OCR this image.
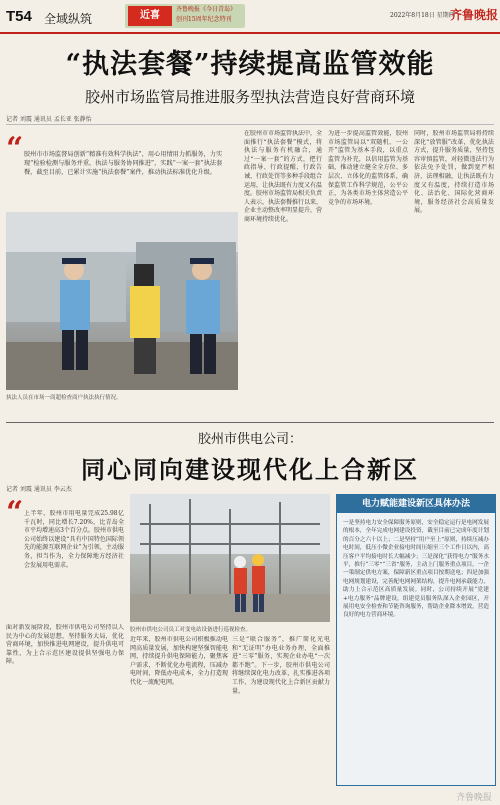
T54 全域纵筑	近喜
齐鲁晚报《今日青岛》
创刊15周年纪念特刊
2022年8月18日 星期四
齐鲁晚报
“执法套餐”持续提高监管效能
胶州市场监管局推进服务型执法营造良好营商环境
记者 刘震 通讯员 孟长亚 张静怡
“ 胶州市市场监督局创新“精准有效科学执法”，用心用情用力抓服务，力实现“检验检测与服务并重，执法与服务协同推进”，实践“一案一套”执法套餐，截至目前，已累计实施“执法套餐”案件，推动执法标准优化升级。
执法人员在市场一商超检查商户执法执行情况。
在胶州市市场监管执法中，全面推行“执法套餐”模式，将执法与服务有机融合，通过“一案一套”的方式，把行政指导、行政提醒、行政告诫、行政处罚等多种手段组合运用，让执法既有力度又有温度。胶州市场监管局相关负责人表示，执法套餐推行以来，企业主动整改率明显提升，营商环境持续优化。
为进一步提高监管效能，胶州市场监管局以“双随机、一公开”监管为基本手段，以重点监管为补充，以信用监管为基础，推动建立健全全方位、多层次、立体化的监管体系，确保监管工作科学规范，公平公正，为各类市场主体营造公平竞争的市场环境。
同时，胶州市场监管局将持续深化“放管服”改革，优化执法方式，提升服务质量，坚持包容审慎监管，对轻微违法行为依法免予处罚，做到宽严相济、法理相融，让执法既有力度又有温度，持续打造市场化、法治化、国际化营商环境，服务经济社会高质量发展。
胶州市供电公司：
同心同向建设现代化上合新区
记者 刘震 通讯员 李云杰
“ 上半年，胶州市用电量完成25.98亿千瓦时，同比增长7.20%，比青岛全市平均增速高3个百分点。胶州市供电公司始终以建设“具有中国特色国际领先的能源互联网企业”为引领，主动服务，担当作为，全力保障地方经济社会发展用电需求。
胶州市供电公司员工对变电站设备进行巡视检查。
面对新发展阶段，胶州市供电公司坚持以人民为中心的发展思想，坚持服务大局，优化营商环境，加快推进电网建设，提升供电可靠性，为上合示范区建设提供坚强电力保障。
近年来，胶州市供电公司积极推动电网高质量发展，加快构建坚强智能电网，持续提升供电保障能力，聚焦客户需求，不断优化办电流程，压减办电时间，降低办电成本，全力打造现代化一流配电网。
三是“联合服务”，推广简化光电和“无证明”办电业务办理，全面推进“三零”服务，实现企业办电“一次都不跑”。下一步，胶州市供电公司将继续深化电力改革，扎实推进各项工作，为建设现代化上合新区贡献力量。
电力赋能建设新区具体办法
一是坚持电力安全保障服务原则，安全稳定运行是电网发展的根本，全年完成电网建设投资，截至目前已完成年度计划的百分之六十以上；二是坚持“用户至上”原则，持续压减办电时间，低压小微企业接电时间压缩至三个工作日以内，高压客户平均接电时长大幅减少；三是深化“获得电力”服务水平，推行“三零”“三省”服务，主动上门服务重点项目，一企一策制定供电方案，保障新区重点项目按期送电；四是加强电网规划建设，完善配电网网架结构，提升电网承载能力，助力上合示范区高质量发展。同时，公司持续开展“党建+电力服务”品牌建设，组建党员服务队深入企业园区，开展用电安全检查和节能咨询服务，帮助企业降本增效，营造良好的电力营商环境。
齐鲁晚报
